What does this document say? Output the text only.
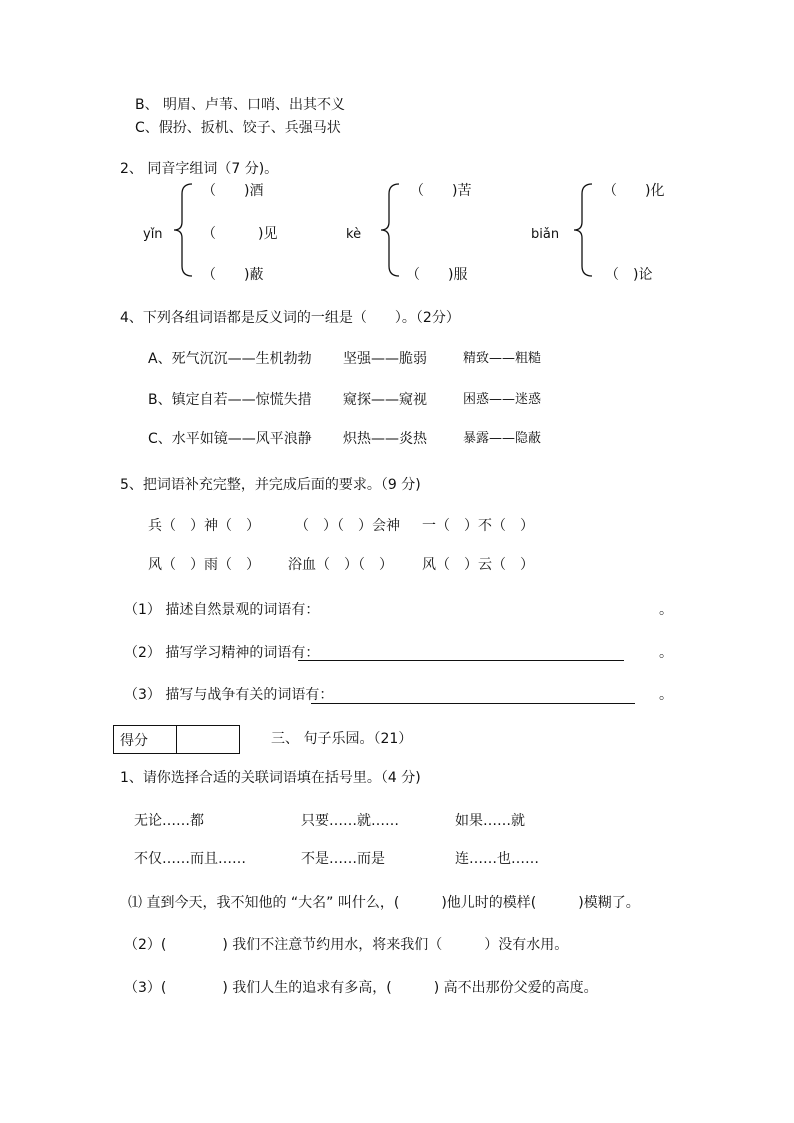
B、 明眉、卢苇、口哨、出其不义
C、假扮、扳机、饺子、兵强马状
2、 同音字组词（7 分)。
yǐn
（　　)酒
（　　　)见
（　　)蔽
kè
（　　)苦
（　　)服
biǎn
（　　)化
（　)论
4、下列各组词语都是反义词的一组是（　　）。（2分）
A、死气沉沉——生机勃勃 坚强——脆弱	精致——粗糙
B、镇定自若——惊慌失措 窥探——窥视	困惑——迷惑
C、水平如镜——风平浪静 炽热——炎热	暴露——隐蔽
5、把词语补充完整，并完成后面的要求。（9 分)
兵（　）神（　）	（　）（　）会神 一（　）不（　）
风（　）雨（　） 浴血（　）（　） 风（　）云（　）
（1） 描述自然景观的词语有：	。
（2） 描写学习精神的词语有：	。
（3） 描写与战争有关的词语有：	。
得分	三、 句子乐园。（21）
1、请你选择合适的关联词语填在括号里。（4 分)
无论……都	只要……就……	如果……就
不仅……而且……	不是……而是	连……也……
⑴ 直到今天，我不知他的 “大名” 叫什么，(　　　)他儿时的模样(　　　)模糊了。
（2）(　　　　) 我们不注意节约用水，将来我们（　　　）没有水用。
（3）(　　　　) 我们人生的追求有多高，(　　　) 高不出那份父爱的高度。
